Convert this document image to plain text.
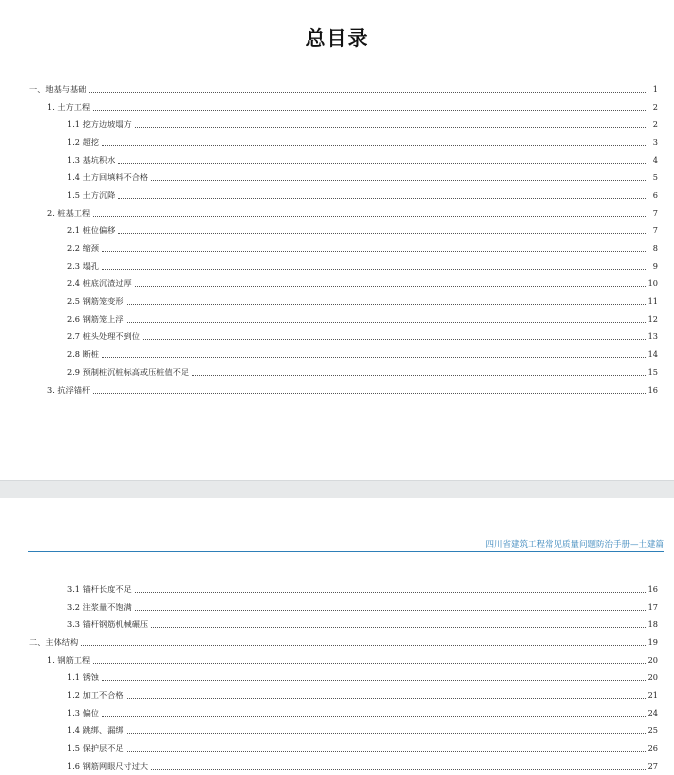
总目录
一、地基与基础	1
1. 土方工程	2
1.1 挖方边坡塌方	2
1.2 超挖	3
1.3 基坑积水	4
1.4 土方回填料不合格	5
1.5 土方沉降	6
2. 桩基工程	7
2.1 桩位偏移	7
2.2 缩颈	8
2.3 塌孔	9
2.4 桩底沉渣过厚	10
2.5 钢筋笼变形	11
2.6 钢筋笼上浮	12
2.7 桩头处理不到位	13
2.8 断桩	14
2.9 预制桩沉桩标高或压桩值不足	15
3. 抗浮锚杆	16
四川省建筑工程常见质量问题防治手册—土建篇
3.1 锚杆长度不足	16
3.2 注浆量不饱满	17
3.3 锚杆钢筋机械碾压	18
二、主体结构	19
1. 钢筋工程	20
1.1 锈蚀	20
1.2 加工不合格	21
1.3 偏位	24
1.4 跳绑、漏绑	25
1.5 保护层不足	26
1.6 钢筋网眼尺寸过大	27
